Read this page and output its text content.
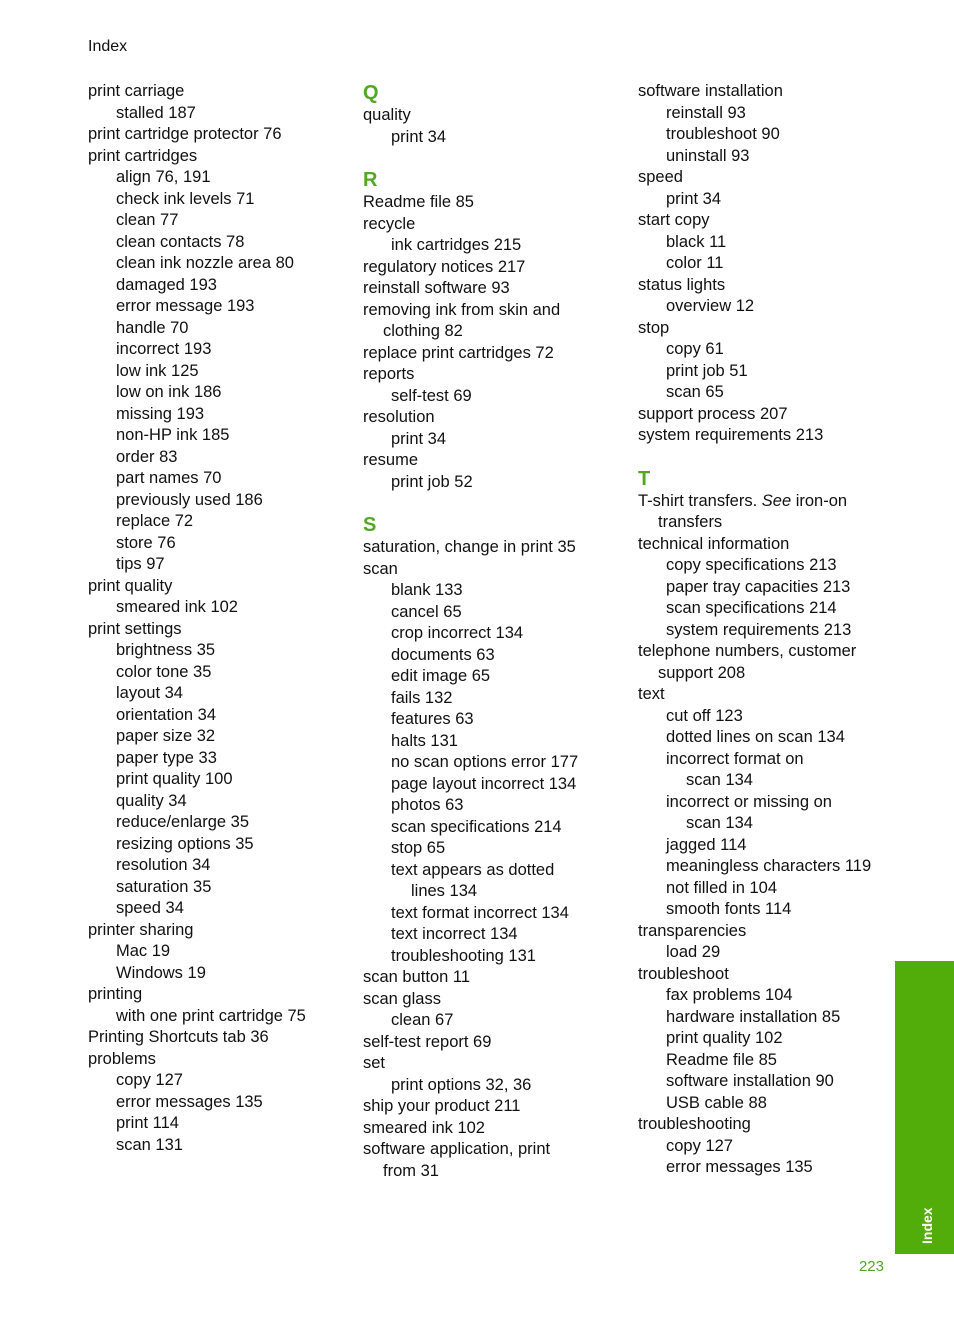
Index
print carriage
stalled 187
print cartridge protector 76
print cartridges
align 76, 191
check ink levels 71
clean 77
clean contacts 78
clean ink nozzle area 80
damaged 193
error message 193
handle 70
incorrect 193
low ink 125
low on ink 186
missing 193
non-HP ink 185
order 83
part names 70
previously used 186
replace 72
store 76
tips 97
print quality
smeared ink 102
print settings
brightness 35
color tone 35
layout 34
orientation 34
paper size 32
paper type 33
print quality 100
quality 34
reduce/enlarge 35
resizing options 35
resolution 34
saturation 35
speed 34
printer sharing
Mac 19
Windows 19
printing
with one print cartridge 75
Printing Shortcuts tab 36
problems
copy 127
error messages 135
print 114
scan 131
Q
quality
print 34
R
Readme file 85
recycle
ink cartridges 215
regulatory notices 217
reinstall software 93
removing ink from skin and
clothing 82
replace print cartridges 72
reports
self-test 69
resolution
print 34
resume
print job 52
S
saturation, change in print 35
scan
blank 133
cancel 65
crop incorrect 134
documents 63
edit image 65
fails 132
features 63
halts 131
no scan options error 177
page layout incorrect 134
photos 63
scan specifications 214
stop 65
text appears as dotted
lines 134
text format incorrect 134
text incorrect 134
troubleshooting 131
scan button 11
scan glass
clean 67
self-test report 69
set
print options 32, 36
ship your product 211
smeared ink 102
software application, print
from 31
software installation
reinstall 93
troubleshoot 90
uninstall 93
speed
print 34
start copy
black 11
color 11
status lights
overview 12
stop
copy 61
print job 51
scan 65
support process 207
system requirements 213
T
T-shirt transfers. See iron-on
transfers
technical information
copy specifications 213
paper tray capacities 213
scan specifications 214
system requirements 213
telephone numbers, customer
support 208
text
cut off 123
dotted lines on scan 134
incorrect format on
scan 134
incorrect or missing on
scan 134
jagged 114
meaningless characters 119
not filled in 104
smooth fonts 114
transparencies
load 29
troubleshoot
fax problems 104
hardware installation 85
print quality 102
Readme file 85
software installation 90
USB cable 88
troubleshooting
copy 127
error messages 135
Index
223
